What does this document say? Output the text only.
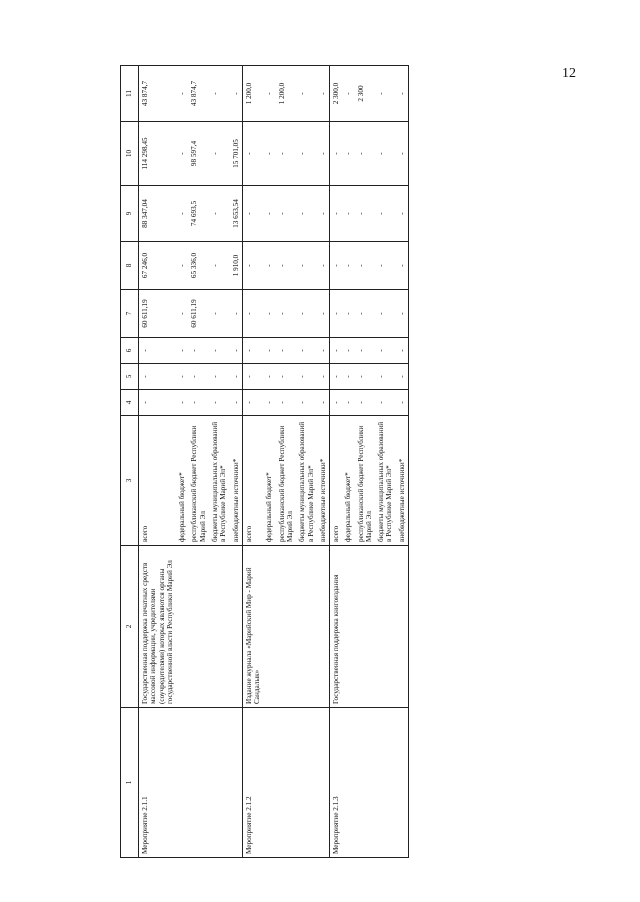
12
1	2	3	4	5	6	7	8	9	10	11
Мероприятие 2.1.1	Государственная поддержка печатных средств массовой информации, учредителями (соучредителями) которых являются органы государственной власти Республики Марий Эл	всего	-	-	-	60 611,19	67 246,0	88 347,04	114 298,45	43 874,7
		федеральный бюджет*	-	-	-	-	-	-	-	-
		республиканский бюджет Республики Марий Эл	-	-	-	60 611,19	65 336,0	74 693,5	98 597,4	43 874,7
		бюджеты муниципальных образований в Республике Марий Эл*	-	-	-	-	-	-	-	-
		внебюджетные источники*	-	-	-	-	1 910,0	13 653,54	15 701,05	-
Мероприятие 2.1.2	Издание журнала «Марийский Мир - Марий Сандалык»	всего	-	-	-	-	-	-	-	1 200,0
		федеральный бюджет*	-	-	-	-	-	-	-	-
		республиканский бюджет Республики Марий Эл	-	-	-	-	-	-	-	1 200,0
		бюджеты муниципальных образований в Республике Марий Эл*	-	-	-	-	-	-	-	-
		внебюджетные источники*	-	-	-	-	-	-	-	-
Мероприятие 2.1.3	Государственная поддержка книгоиздания	всего	-	-	-	-	-	-	-	2 300,0
		федеральный бюджет*	-	-	-	-	-	-	-	-
		республиканский бюджет Республики Марий Эл	-	-	-	-	-	-	-	2 300
		бюджеты муниципальных образований в Республике Марий Эл*	-	-	-	-	-	-	-	-
		внебюджетные источники*	-	-	-	-	-	-	-	-
